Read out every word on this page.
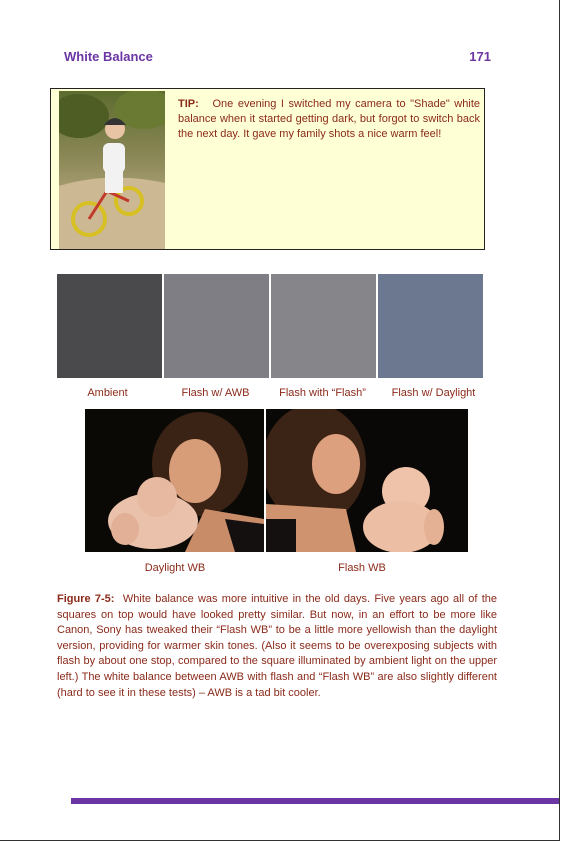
White Balance	171
TIP: One evening I switched my camera to "Shade" white balance when it started getting dark, but forgot to switch back the next day. It gave my family shots a nice warm feel!
Ambient	Flash w/ AWB	Flash with “Flash”	Flash w/ Daylight
Daylight WB	Flash WB
Figure 7-5: White balance was more intuitive in the old days. Five years ago all of the squares on top would have looked pretty similar. But now, in an effort to be more like Canon, Sony has tweaked their “Flash WB” to be a little more yellowish than the daylight version, providing for warmer skin tones. (Also it seems to be overexposing subjects with flash by about one stop, compared to the square illuminated by ambient light on the upper left.) The white balance between AWB with flash and “Flash WB” are also slightly different (hard to see it in these tests) – AWB is a tad bit cooler.
